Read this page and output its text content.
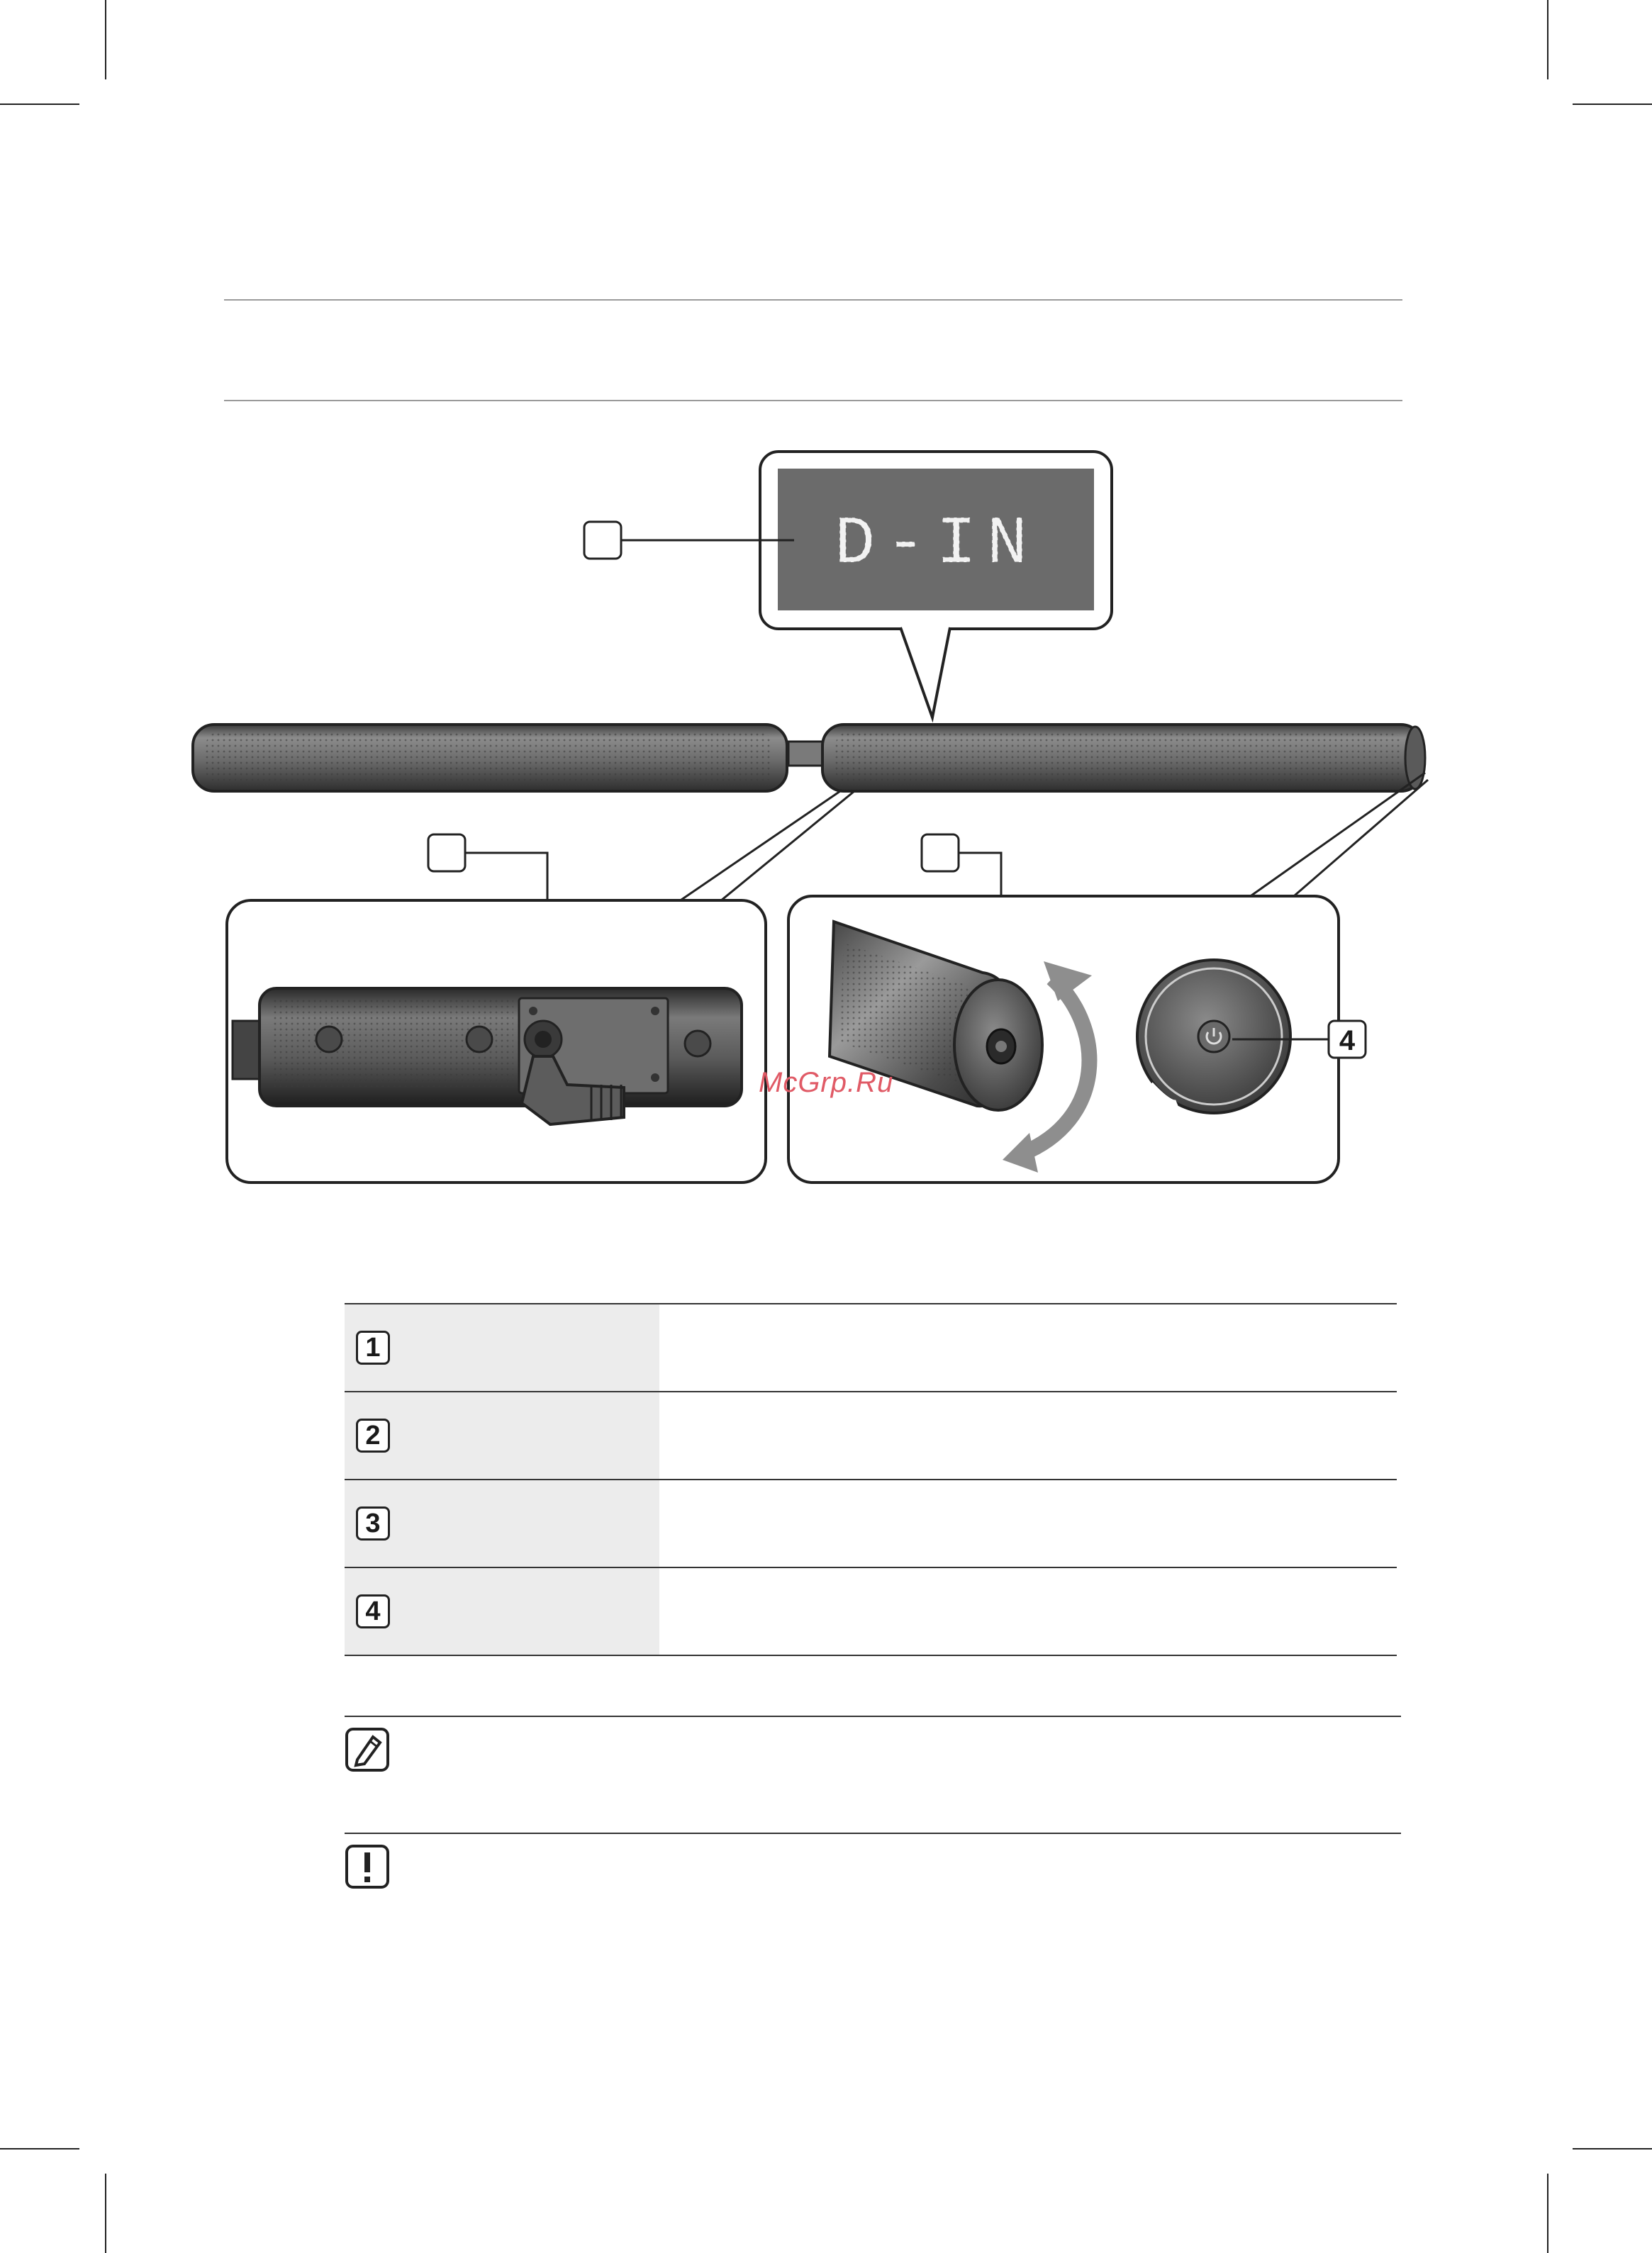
D-IN
4
McGrp.Ru
1
2
3
4
